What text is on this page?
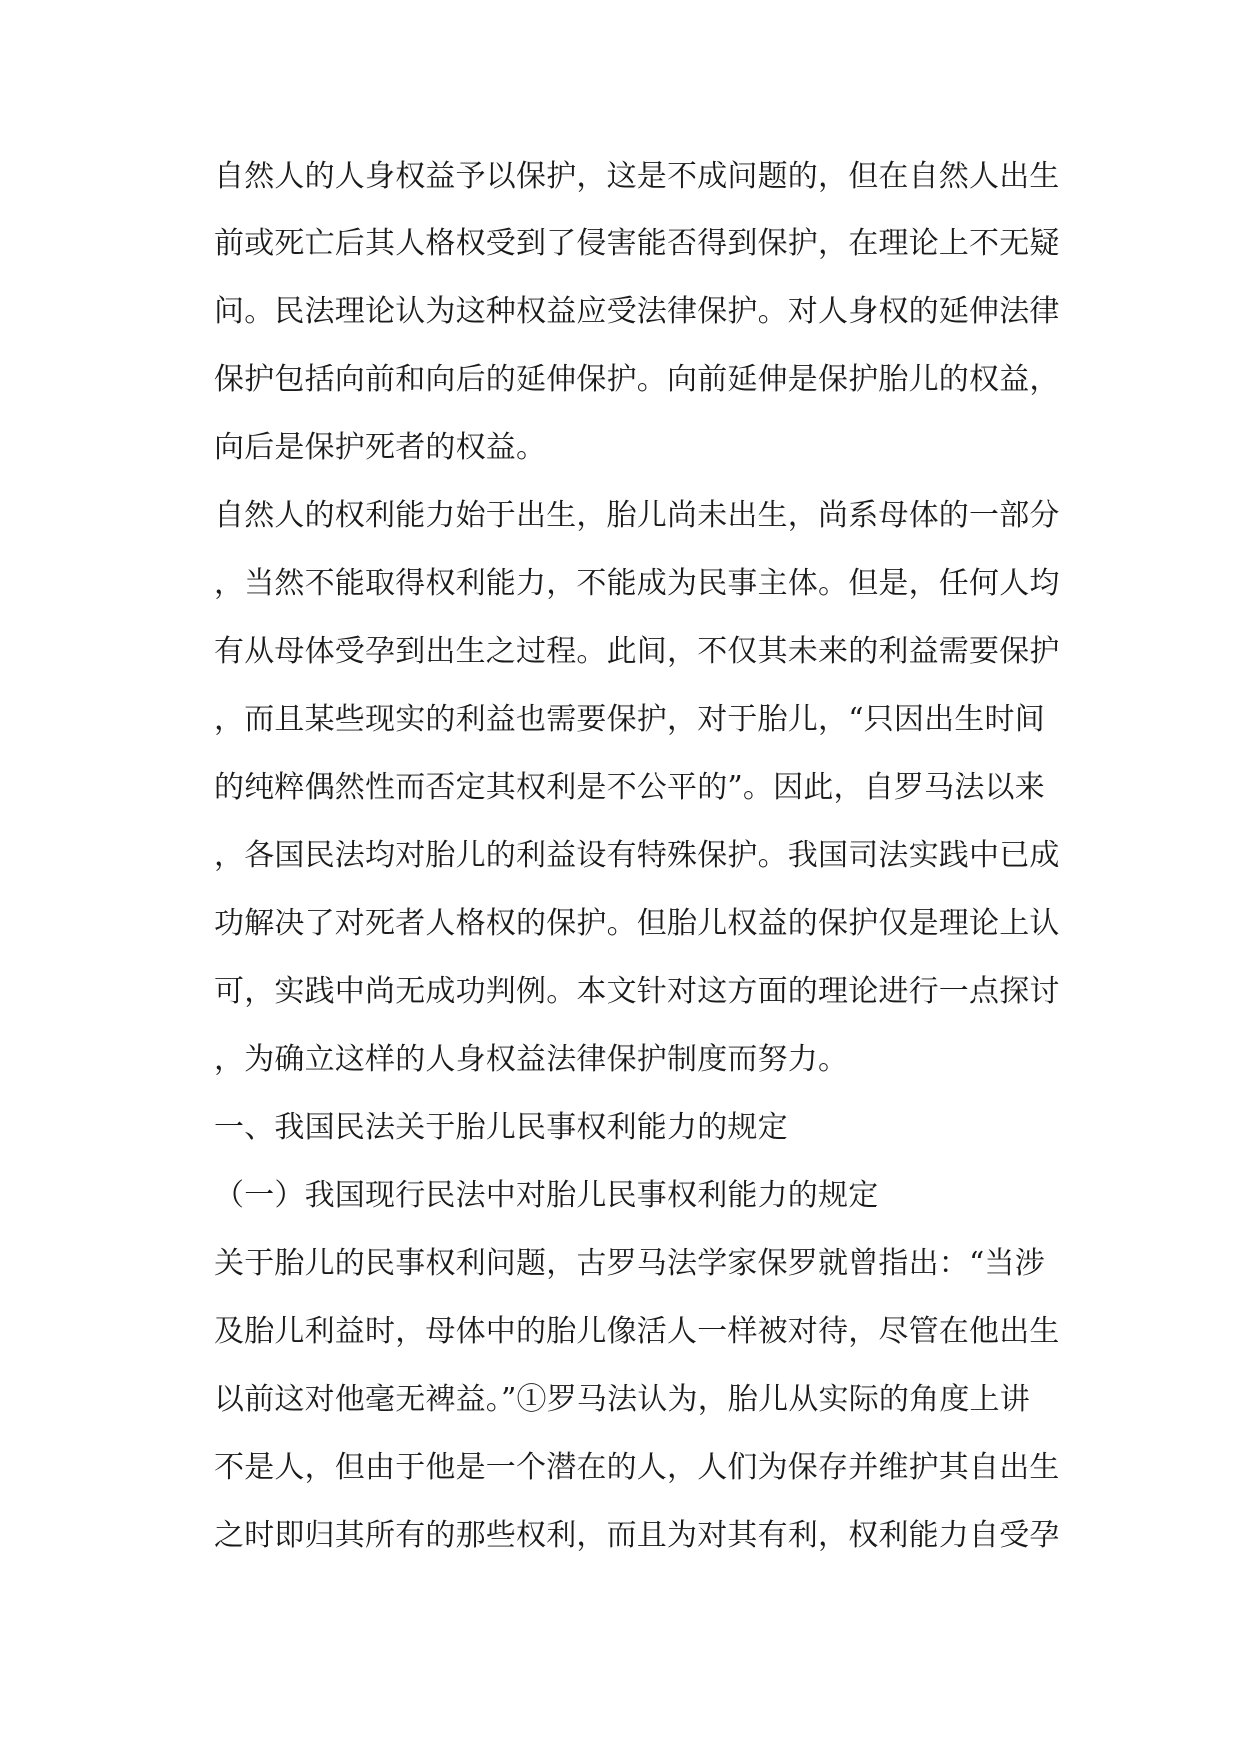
自然人的人身权益予以保护，这是不成问题的，但在自然人出生
前或死亡后其人格权受到了侵害能否得到保护，在理论上不无疑
问。民法理论认为这种权益应受法律保护。对人身权的延伸法律
保护包括向前和向后的延伸保护。向前延伸是保护胎儿的权益，
向后是保护死者的权益。
自然人的权利能力始于出生，胎儿尚未出生，尚系母体的一部分
，当然不能取得权利能力，不能成为民事主体。但是，任何人均
有从母体受孕到出生之过程。此间，不仅其未来的利益需要保护
，而且某些现实的利益也需要保护，对于胎儿，“只因出生时间
的纯粹偶然性而否定其权利是不公平的”。因此，自罗马法以来
，各国民法均对胎儿的利益设有特殊保护。我国司法实践中已成
功解决了对死者人格权的保护。但胎儿权益的保护仅是理论上认
可，实践中尚无成功判例。本文针对这方面的理论进行一点探讨
，为确立这样的人身权益法律保护制度而努力。
一、我国民法关于胎儿民事权利能力的规定
（一）我国现行民法中对胎儿民事权利能力的规定
关于胎儿的民事权利问题，古罗马法学家保罗就曾指出：“当涉
及胎儿利益时，母体中的胎儿像活人一样被对待，尽管在他出生
以前这对他毫无裨益。”①罗马法认为，胎儿从实际的角度上讲
不是人，但由于他是一个潜在的人，人们为保存并维护其自出生
之时即归其所有的那些权利，而且为对其有利，权利能力自受孕
